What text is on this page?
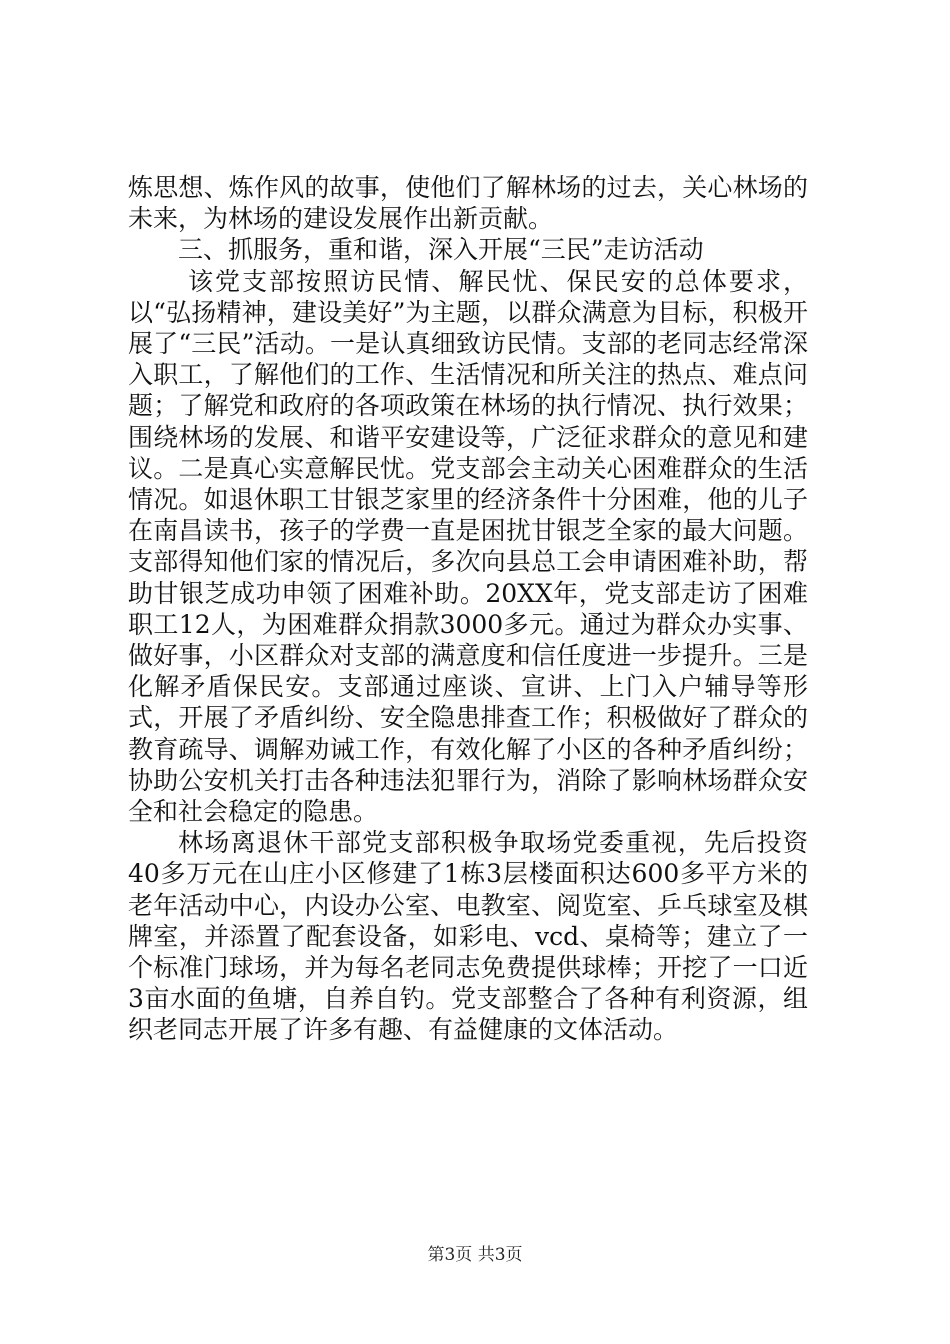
炼思想、炼作风的故事，使他们了解林场的过去，关心林场的未来，为林场的建设发展作出新贡献。

三、抓服务，重和谐，深入开展“三民”走访活动

该党支部按照访民情、解民忧、保民安的总体要求，以“弘扬精神，建设美好”为主题，以群众满意为目标，积极开展了“三民”活动。一是认真细致访民情。支部的老同志经常深入职工，了解他们的工作、生活情况和所关注的热点、难点问题；了解党和政府的各项政策在林场的执行情况、执行效果；围绕林场的发展、和谐平安建设等，广泛征求群众的意见和建议。二是真心实意解民忧。党支部会主动关心困难群众的生活情况。如退休职工甘银芝家里的经济条件十分困难，他的儿子在南昌读书，孩子的学费一直是困扰甘银芝全家的最大问题。支部得知他们家的情况后，多次向县总工会申请困难补助，帮助甘银芝成功申领了困难补助。20XX年，党支部走访了困难职工12人，为困难群众捐款3000多元。通过为群众办实事、做好事，小区群众对支部的满意度和信任度进一步提升。三是化解矛盾保民安。支部通过座谈、宣讲、上门入户辅导等形式，开展了矛盾纠纷、安全隐患排查工作；积极做好了群众的教育疏导、调解劝诫工作，有效化解了小区的各种矛盾纠纷；协助公安机关打击各种违法犯罪行为，消除了影响林场群众安全和社会稳定的隐患。

林场离退休干部党支部积极争取场党委重视，先后投资40多万元在山庄小区修建了1栋3层楼面积达600多平方米的老年活动中心，内设办公室、电教室、阅览室、乒乓球室及棋牌室，并添置了配套设备，如彩电、vcd、桌椅等；建立了一个标准门球场，并为每名老同志免费提供球棒；开挖了一口近3亩水面的鱼塘，自养自钓。党支部整合了各种有利资源，组织老同志开展了许多有趣、有益健康的文体活动。

第3页 共3页
